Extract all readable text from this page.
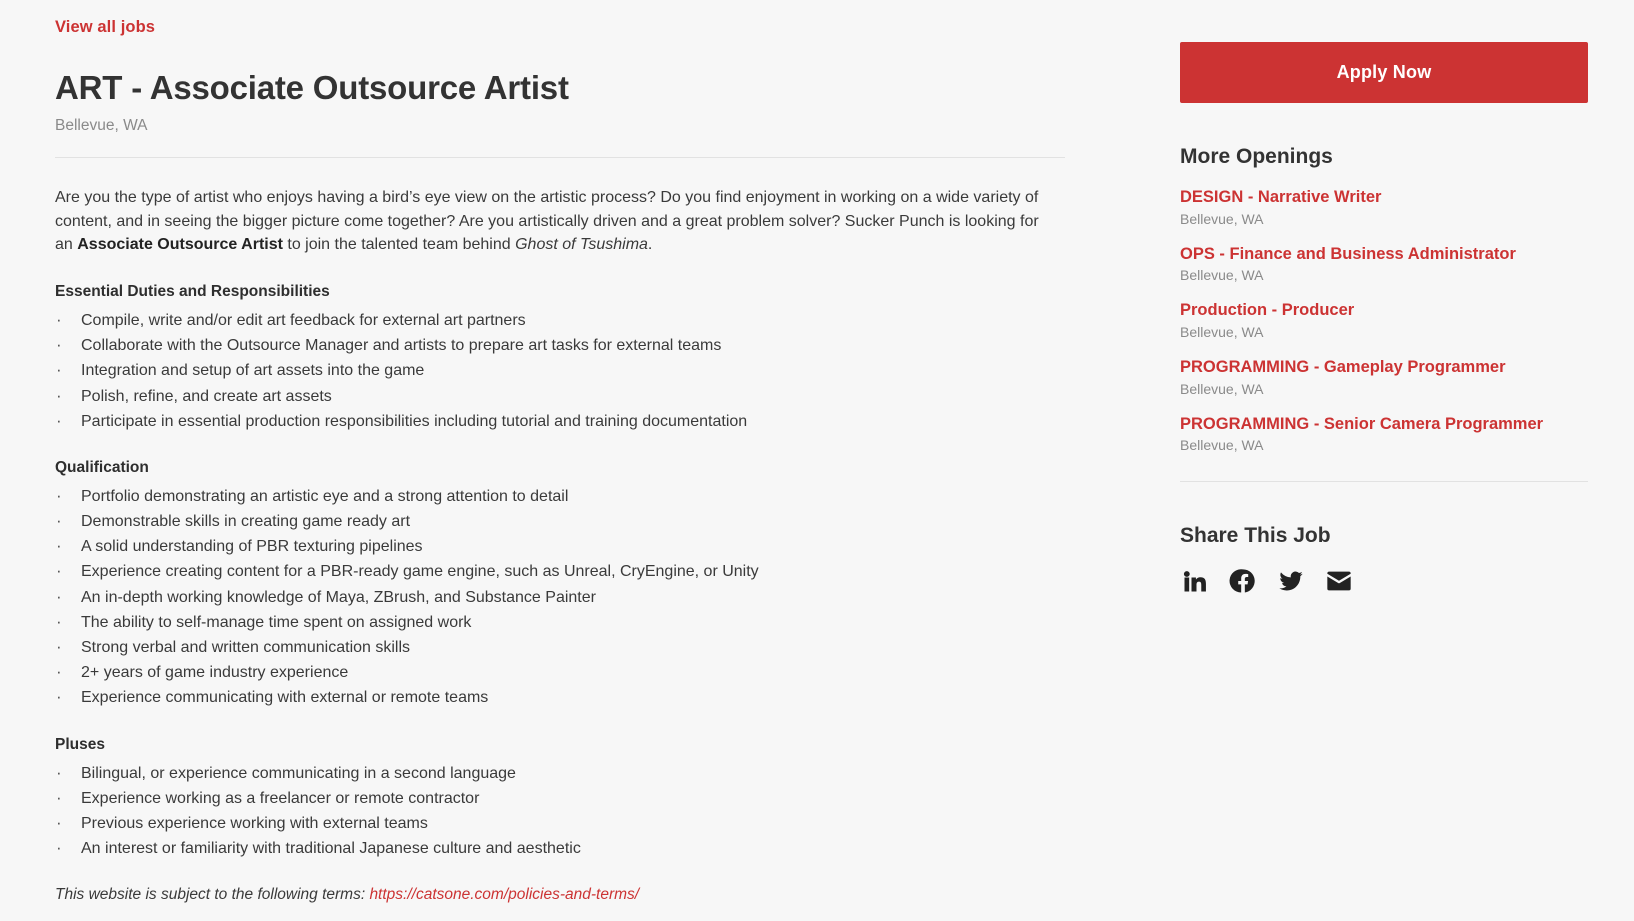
View all jobs
ART - Associate Outsource Artist
Bellevue, WA

Are you the type of artist who enjoys having a bird’s eye view on the artistic process? Do you find enjoyment in working on a wide variety of content, and in seeing the bigger picture come together? Are you artistically driven and a great problem solver? Sucker Punch is looking for an Associate Outsource Artist to join the talented team behind Ghost of Tsushima.

Essential Duties and Responsibilities
· Compile, write and/or edit art feedback for external art partners
· Collaborate with the Outsource Manager and artists to prepare art tasks for external teams
· Integration and setup of art assets into the game
· Polish, refine, and create art assets
· Participate in essential production responsibilities including tutorial and training documentation
Qualification
· Portfolio demonstrating an artistic eye and a strong attention to detail
· Demonstrable skills in creating game ready art
· A solid understanding of PBR texturing pipelines
· Experience creating content for a PBR-ready game engine, such as Unreal, CryEngine, or Unity
· An in-depth working knowledge of Maya, ZBrush, and Substance Painter
· The ability to self-manage time spent on assigned work
· Strong verbal and written communication skills
· 2+ years of game industry experience
· Experience communicating with external or remote teams
Pluses
· Bilingual, or experience communicating in a second language
· Experience working as a freelancer or remote contractor
· Previous experience working with external teams
· An interest or familiarity with traditional Japanese culture and aesthetic

This website is subject to the following terms: https://catsone.com/policies-and-terms/

Apply Now
More Openings
DESIGN - Narrative Writer
Bellevue, WA
OPS - Finance and Business Administrator
Bellevue, WA
Production - Producer
Bellevue, WA
PROGRAMMING - Gameplay Programmer
Bellevue, WA
PROGRAMMING - Senior Camera Programmer
Bellevue, WA
Share This Job
